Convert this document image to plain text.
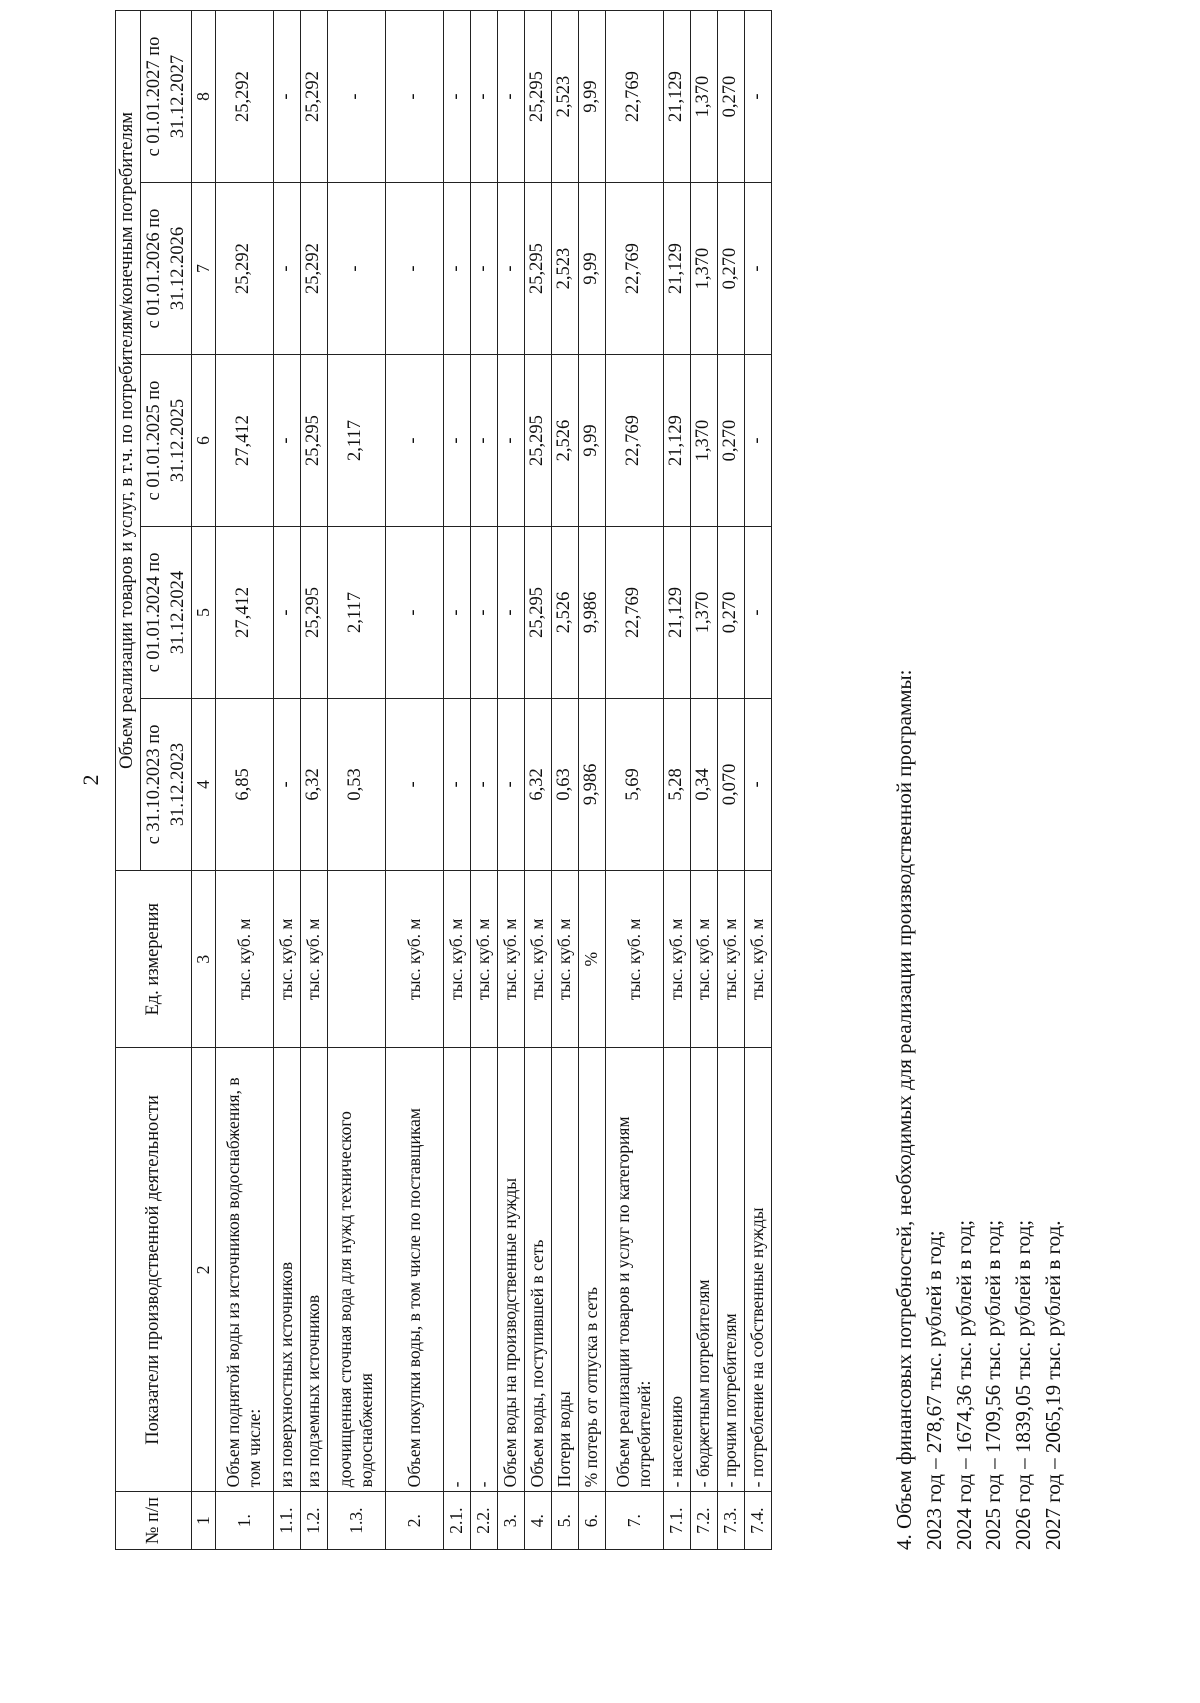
2
№ п/п	Показатели производственной деятельности	Ед. измерения	Объем реализации товаров и услуг, в т.ч. по потребителям/конечным потребителям				
			с 31.10.2023 по 31.12.2023	с 01.01.2024 по 31.12.2024	с 01.01.2025 по 31.12.2025	с 01.01.2026 по 31.12.2026	с 01.01.2027 по 31.12.2027
1	2	3	4	5	6	7	8
1.	Объем поднятой воды из источников водоснабжения, в том числе:	тыс. куб. м	6,85	27,412	27,412	25,292	25,292
1.1.	из поверхностных источников	тыс. куб. м	-	-	-	-	-
1.2.	из подземных источников	тыс. куб. м	6,32	25,295	25,295	25,292	25,292
1.3.	доочищенная сточная вода для нужд технического водоснабжения		0,53	2,117	2,117	-	-
2.	Объем покупки воды, в том числе по поставщикам	тыс. куб. м	-	-	-	-	-
2.1.	-	тыс. куб. м	-	-	-	-	-
2.2.	-	тыс. куб. м	-	-	-	-	-
3.	Объем воды на производственные нужды	тыс. куб. м	-	-	-	-	-
4.	Объем воды, поступившей в сеть	тыс. куб. м	6,32	25,295	25,295	25,295	25,295
5.	Потери воды	тыс. куб. м	0,63	2,526	2,526	2,523	2,523
6.	% потерь от отпуска в сеть	%	9,986	9,986	9,99	9,99	9,99
7.	Объем реализации товаров и услуг по категориям потребителей:	тыс. куб. м	5,69	22,769	22,769	22,769	22,769
7.1.	- населению	тыс. куб. м	5,28	21,129	21,129	21,129	21,129
7.2.	- бюджетным потребителям	тыс. куб. м	0,34	1,370	1,370	1,370	1,370
7.3.	- прочим потребителям	тыс. куб. м	0,070	0,270	0,270	0,270	0,270
7.4.	- потребление на собственные нужды	тыс. куб. м	-	-	-	-	-
4. Объем финансовых потребностей, необходимых для реализации производственной программы: 2023 год – 278,67 тыс. рублей в год; 2024 год – 1674,36 тыс. рублей в год; 2025 год – 1709,56 тыс. рублей в год; 2026 год – 1839,05 тыс. рублей в год; 2027 год – 2065,19 тыс. рублей в год.
